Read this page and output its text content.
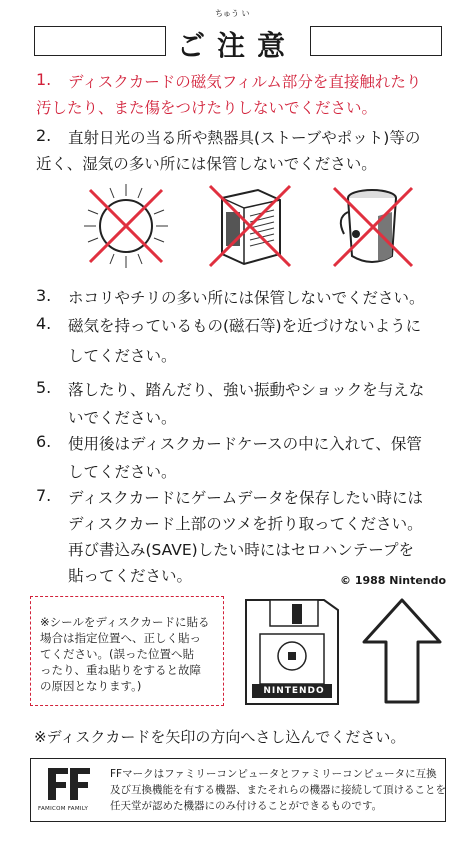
ちゅう い
ご注意
1. ディスクカードの磁気フィルム部分を直接触れたり
汚したり、また傷をつけたりしないでください。
2. 直射日光の当る所や熱器具(ストーブやポット)等の
近く、湿気の多い所には保管しないでください。
3. ホコリやチリの多い所には保管しないでください。
4. 磁気を持っているもの(磁石等)を近づけないように
してください。
5. 落したり、踏んだり、強い振動やショックを与えな
いでください。
6. 使用後はディスクカードケースの中に入れて、保管
してください。
7. ディスクカードにゲームデータを保存したい時には
ディスクカード上部のツメを折り取ってください。
再び書込み(SAVE)したい時にはセロハンテープを
貼ってください。	© 1988 Nintendo
※シールをディスクカードに貼る
場合は指定位置へ、正しく貼っ
てください。(誤った位置へ貼
ったり、重ね貼りをすると故障
の原因となります。)	NINTENDO
※ディスクカードを矢印の方向へさし込んでください。
FAMICOM FAMILY
FFマークはファミリーコンピュータとファミリーコンピュータに互換
及び互換機能を有する機器、またそれらの機器に接続して頂けることを
任天堂が認めた機器にのみ付けることができるものです。
